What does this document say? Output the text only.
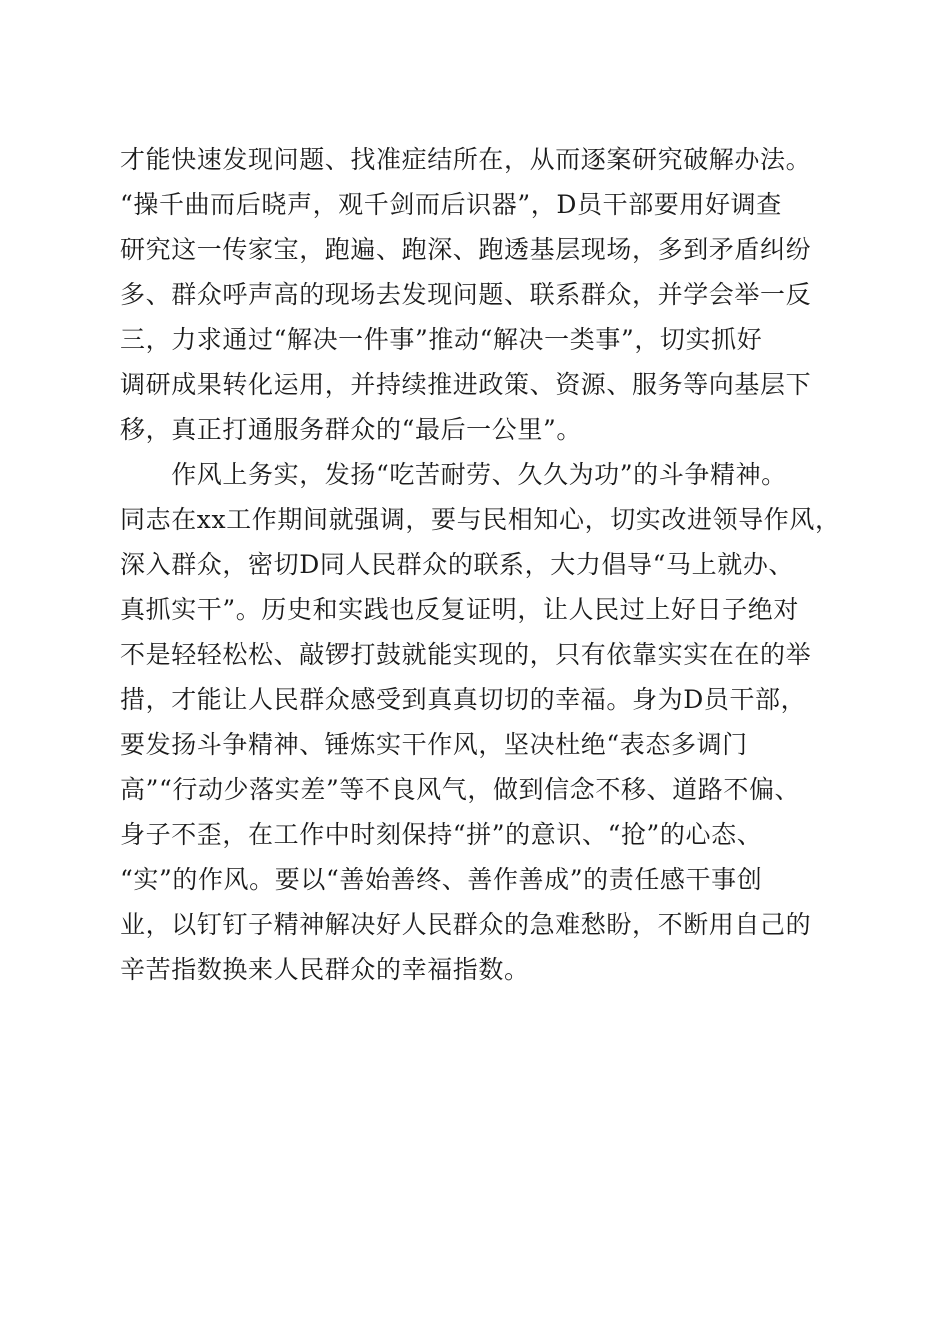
才能快速发现问题、找准症结所在，从而逐案研究破解办法。
“操千曲而后晓声，观千剑而后识器”，D员干部要用好调查
研究这一传家宝，跑遍、跑深、跑透基层现场，多到矛盾纠纷
多、群众呼声高的现场去发现问题、联系群众，并学会举一反
三，力求通过“解决一件事”推动“解决一类事”，切实抓好
调研成果转化运用，并持续推进政策、资源、服务等向基层下
移，真正打通服务群众的“最后一公里”。
　　作风上务实，发扬“吃苦耐劳、久久为功”的斗争精神。
同志在xx工作期间就强调，要与民相知心，切实改进领导作风，
深入群众，密切D同人民群众的联系，大力倡导“马上就办、
真抓实干”。历史和实践也反复证明，让人民过上好日子绝对
不是轻轻松松、敲锣打鼓就能实现的，只有依靠实实在在的举
措，才能让人民群众感受到真真切切的幸福。身为D员干部，
要发扬斗争精神、锤炼实干作风，坚决杜绝“表态多调门
高”“行动少落实差”等不良风气，做到信念不移、道路不偏、
身子不歪，在工作中时刻保持“拼”的意识、“抢”的心态、
“实”的作风。要以“善始善终、善作善成”的责任感干事创
业，以钉钉子精神解决好人民群众的急难愁盼，不断用自己的
辛苦指数换来人民群众的幸福指数。
